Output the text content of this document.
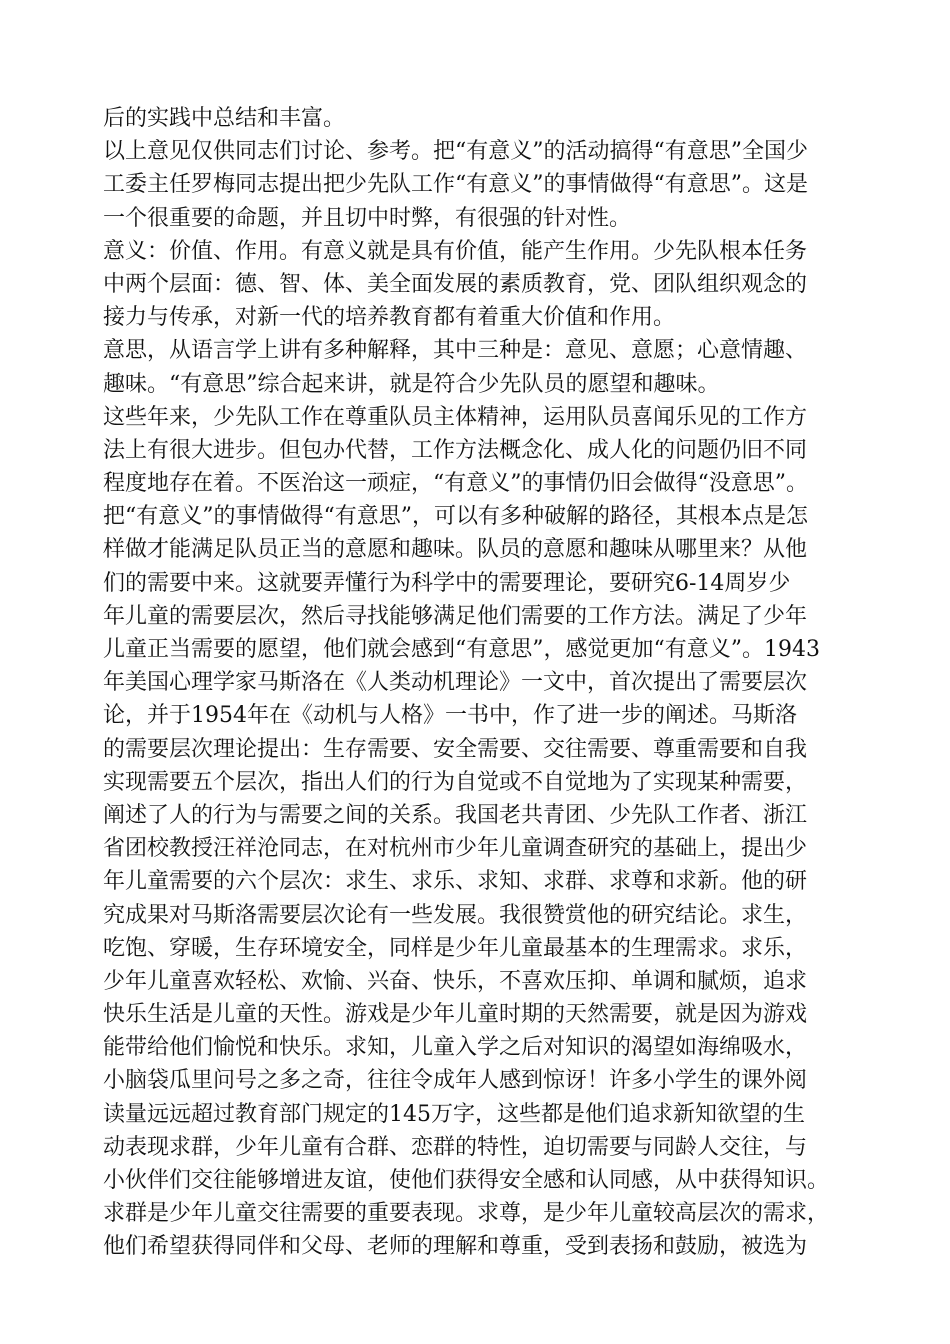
后的实践中总结和丰富。
以上意见仅供同志们讨论、参考。把“有意义”的活动搞得“有意思”全国少
工委主任罗梅同志提出把少先队工作“有意义”的事情做得“有意思”。这是
一个很重要的命题，并且切中时弊，有很强的针对性。
意义：价值、作用。有意义就是具有价值，能产生作用。少先队根本任务
中两个层面：德、智、体、美全面发展的素质教育，党、团队组织观念的
接力与传承，对新一代的培养教育都有着重大价值和作用。
意思，从语言学上讲有多种解释，其中三种是：意见、意愿；心意情趣、
趣味。“有意思”综合起来讲，就是符合少先队员的愿望和趣味。
这些年来，少先队工作在尊重队员主体精神，运用队员喜闻乐见的工作方
法上有很大进步。但包办代替，工作方法概念化、成人化的问题仍旧不同
程度地存在着。不医治这一顽症，“有意义”的事情仍旧会做得“没意思”。
把“有意义”的事情做得“有意思”，可以有多种破解的路径，其根本点是怎
样做才能满足队员正当的意愿和趣味。队员的意愿和趣味从哪里来？从他
们的需要中来。这就要弄懂行为科学中的需要理论，要研究6-14周岁少
年儿童的需要层次，然后寻找能够满足他们需要的工作方法。满足了少年
儿童正当需要的愿望，他们就会感到“有意思”，感觉更加“有意义”。1943
年美国心理学家马斯洛在《人类动机理论》一文中，首次提出了需要层次
论，并于1954年在《动机与人格》一书中，作了进一步的阐述。马斯洛
的需要层次理论提出：生存需要、安全需要、交往需要、尊重需要和自我
实现需要五个层次，指出人们的行为自觉或不自觉地为了实现某种需要，
阐述了人的行为与需要之间的关系。我国老共青团、少先队工作者、浙江
省团校教授汪祥沧同志，在对杭州市少年儿童调查研究的基础上，提出少
年儿童需要的六个层次：求生、求乐、求知、求群、求尊和求新。他的研
究成果对马斯洛需要层次论有一些发展。我很赞赏他的研究结论。求生，
吃饱、穿暖，生存环境安全，同样是少年儿童最基本的生理需求。求乐，
少年儿童喜欢轻松、欢愉、兴奋、快乐，不喜欢压抑、单调和腻烦，追求
快乐生活是儿童的天性。游戏是少年儿童时期的天然需要，就是因为游戏
能带给他们愉悦和快乐。求知，儿童入学之后对知识的渴望如海绵吸水，
小脑袋瓜里问号之多之奇，往往令成年人感到惊讶！许多小学生的课外阅
读量远远超过教育部门规定的145万字，这些都是他们追求新知欲望的生
动表现求群，少年儿童有合群、恋群的特性，迫切需要与同龄人交往，与
小伙伴们交往能够增进友谊，使他们获得安全感和认同感，从中获得知识。
求群是少年儿童交往需要的重要表现。求尊，是少年儿童较高层次的需求，
他们希望获得同伴和父母、老师的理解和尊重，受到表扬和鼓励，被选为
